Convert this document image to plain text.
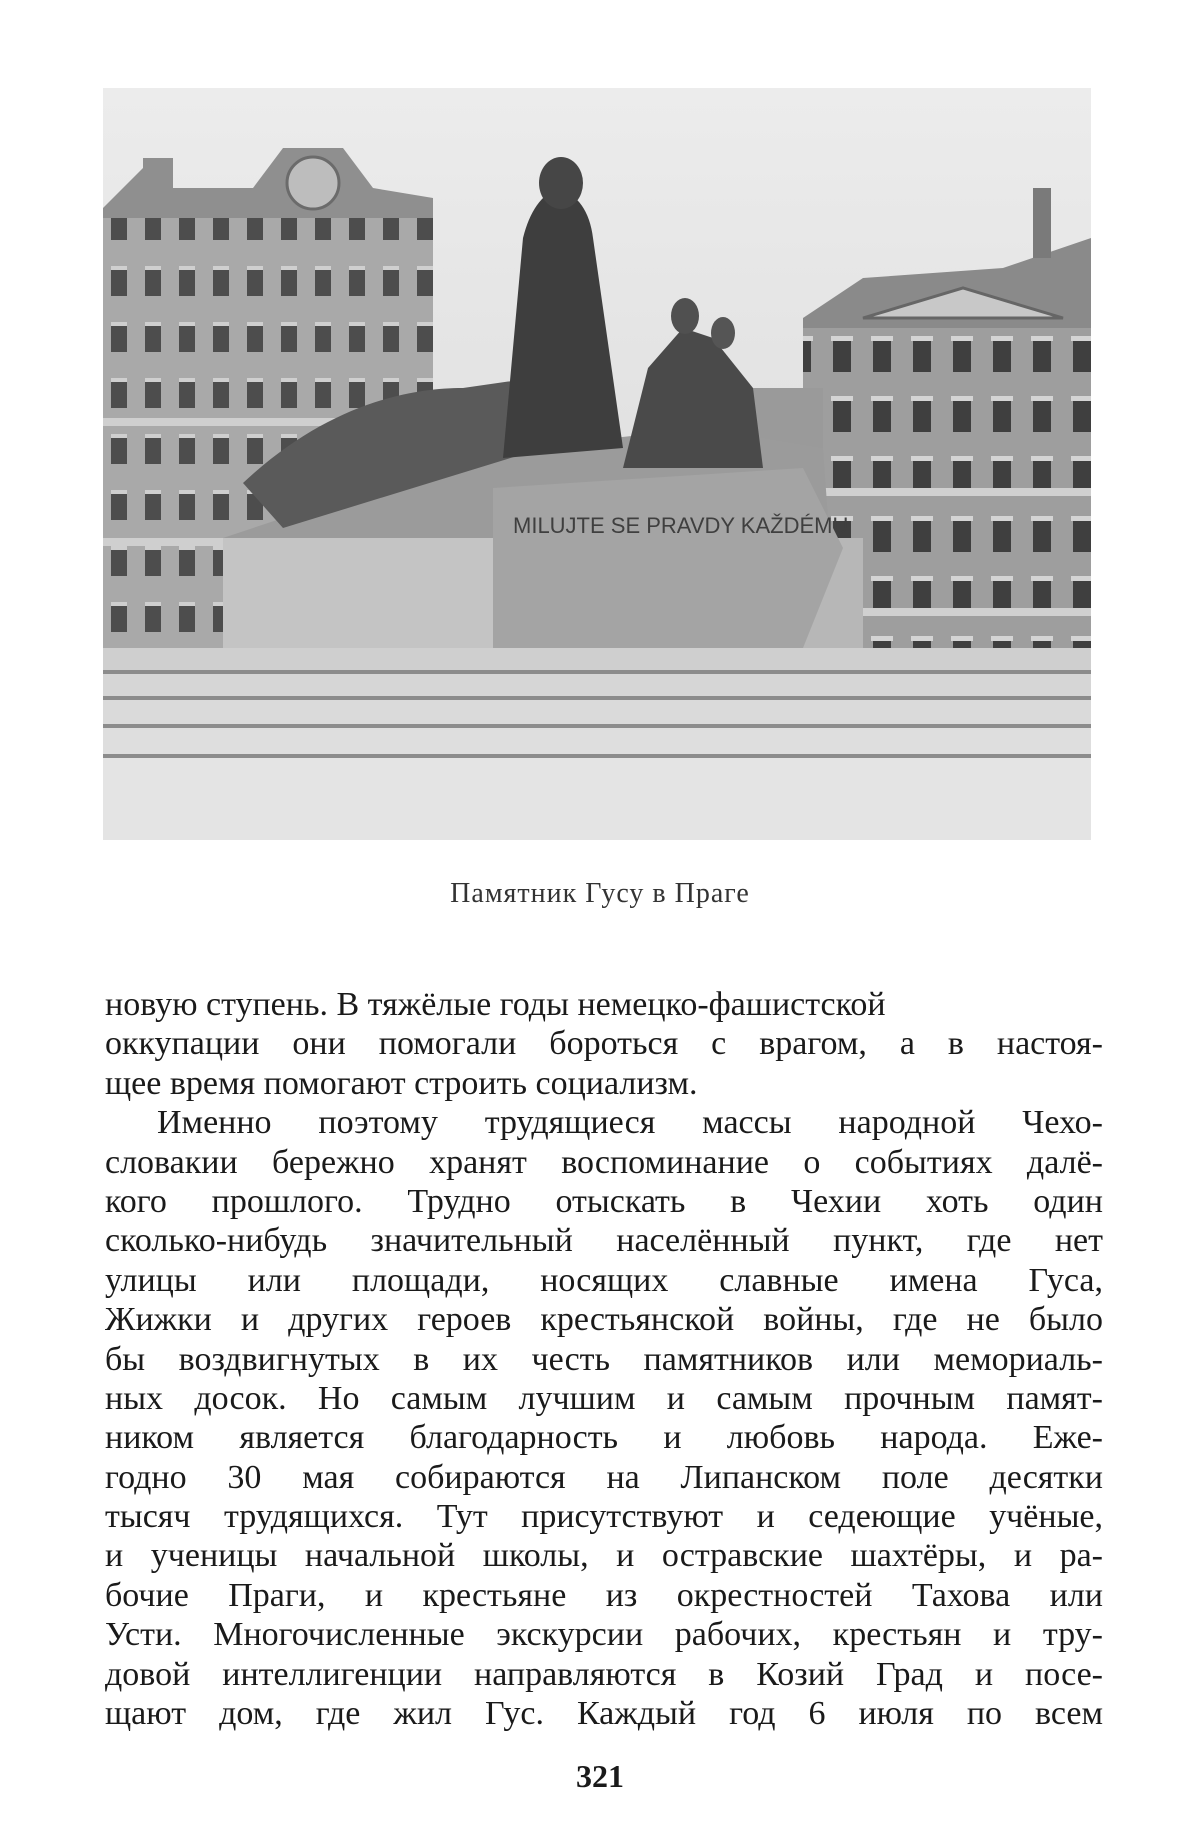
MILUJTE SE PRAVDY KAŽDÉMU
Памятник Гусу в Праге
новую ступень. В тяжёлые годы немецко-фашистской
оккупации они помогали бороться с врагом, а в настоя-
щее время помогают строить социализм.
Именно поэтому трудящиеся массы народной Чехо-
словакии бережно хранят воспоминание о событиях далё-
кого прошлого. Трудно отыскать в Чехии хоть один
сколько-нибудь значительный населённый пункт, где нет
улицы или площади, носящих славные имена Гуса,
Жижки и других героев крестьянской войны, где не было
бы воздвигнутых в их честь памятников или мемориаль-
ных досок. Но самым лучшим и самым прочным памят-
ником является благодарность и любовь народа. Еже-
годно 30 мая собираются на Липанском поле десятки
тысяч трудящихся. Тут присутствуют и седеющие учёные,
и ученицы начальной школы, и остравские шахтёры, и ра-
бочие Праги, и крестьяне из окрестностей Тахова или
Усти. Многочисленные экскурсии рабочих, крестьян и тру-
довой интеллигенции направляются в Козий Град и посе-
щают дом, где жил Гус. Каждый год 6 июля по всем
321
